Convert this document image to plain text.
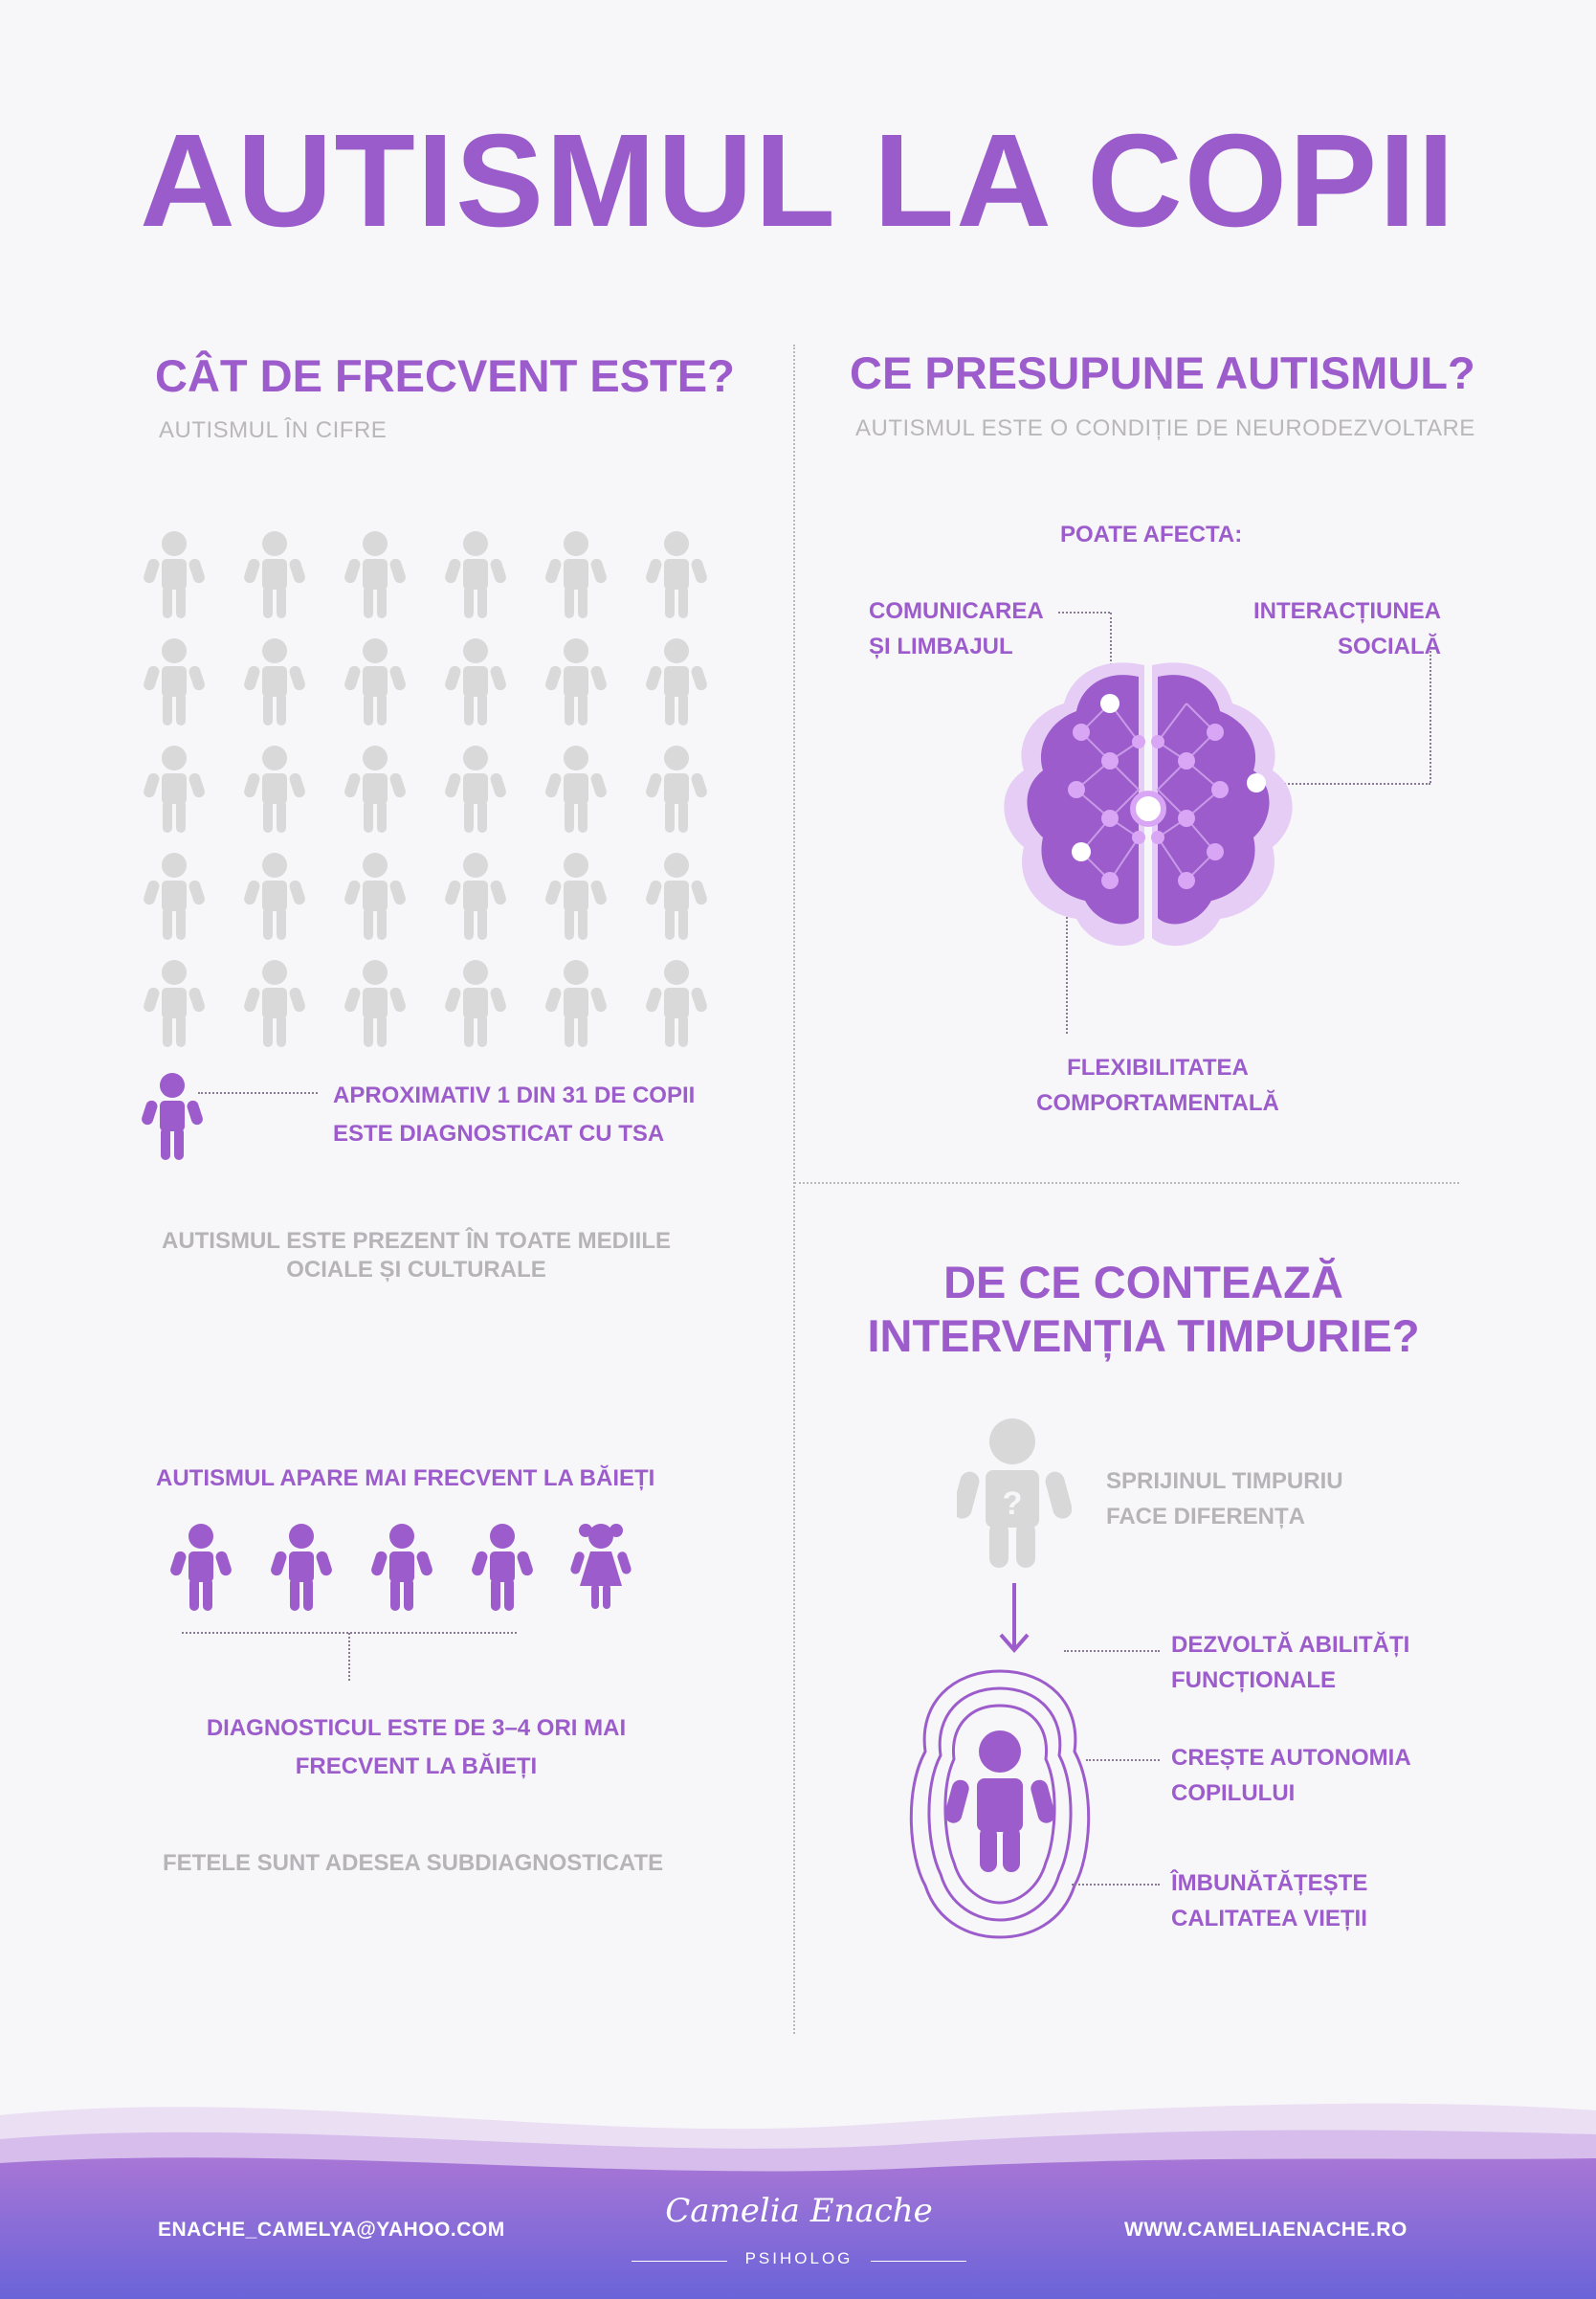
AUTISMUL LA COPII
CÂT DE FRECVENT ESTE?
AUTISMUL ÎN CIFRE
APROXIMATIV 1 DIN 31 DE COPII
ESTE DIAGNOSTICAT CU TSA
AUTISMUL ESTE PREZENT ÎN TOATE MEDIILE
OCIALE ȘI CULTURALE
AUTISMUL APARE MAI FRECVENT LA BĂIEȚI
DIAGNOSTICUL ESTE DE 3–4 ORI MAI
FRECVENT LA BĂIEȚI
FETELE SUNT ADESEA SUBDIAGNOSTICATE
CE PRESUPUNE AUTISMUL?
AUTISMUL ESTE O CONDIȚIE DE NEURODEZVOLTARE
POATE AFECTA:
COMUNICAREA
ȘI LIMBAJUL
INTERACȚIUNEA
SOCIALĂ
FLEXIBILITATEA
COMPORTAMENTALĂ
DE CE CONTEAZĂ
INTERVENȚIA TIMPURIE?
?
SPRIJINUL TIMPURIU
FACE DIFERENȚA
DEZVOLTĂ ABILITĂȚI
FUNCȚIONALE
CREȘTE AUTONOMIA
COPILULUI
ÎMBUNĂTĂȚEȘTE
CALITATEA VIEȚII
ENACHE_CAMELYA@YAHOO.COM	Camelia Enache
PSIHOLOG
WWW.CAMELIAENACHE.RO
